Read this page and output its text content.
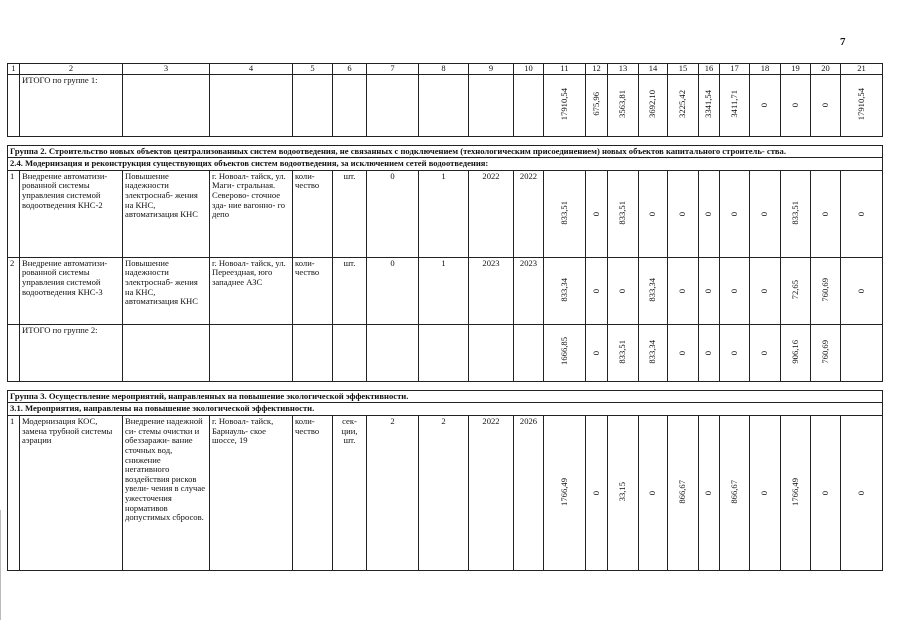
7
1	2	3	4	5	6	7	8	9	10	11	12	13	14	15	16	17	18	19	20	21
	ИТОГО по группе 1:									17910,54	675,96	3563,81	3692,10	3225,42	3341,54	3411,71	0	0	0	17910,54

Группа 2. Строительство новых объектов централизованных систем водоотведения, не связанных с подключением (технологическим присоединением) новых объектов капитального строитель- ства.																				
2.4. Модернизация и реконструкция существующих объектов систем водоотведения, за исключением сетей водоотведения:																				
1	Внедрение автоматизи- рованной системы управления системой водоотведения КНС-2	Повышение надежности электроснаб- жения на КНС, автоматизация КНС	г. Новоал- тайск, ул. Маги- стральная. Северово- сточное зда- ние вагонно- го депо	коли- чество	шт.	0	1	2022	2022	833,51	0	833,51	0	0	0	0	0	833,51	0	0
2	Внедрение автоматизи- рованной системы управления системой водоотведения КНС-3	Повышение надежности электроснаб- жения на КНС, автоматизация КНС	г. Новоал- тайск, ул. Переездная, юго западнее АЗС	коли- чество	шт.	0	1	2023	2023	833,34	0	0	833,34	0	0	0	0	72,65	760,69	0
	ИТОГО по группе 2:									1666,85	0	833,51	833,34	0	0	0	0	906,16	760,69	

Группа 3. Осуществление мероприятий, направленных на повышение экологической эффективности.																				
3.1. Мероприятия, направлены на повышение экологической эффективности.																				
1	Модернизация КОС, замена трубной системы аэрации	Внедрение надежной си- стемы очистки и обеззаражи- вание сточных вод, снижение негативного воздействия рисков увели- чения в случае ужесточения нормативов допустимых сбросов.	г. Новоал- тайск, Барнауль- ское шоссе, 19	коли- чество	сек- ции, шт.	2	2	2022	2026	1766,49	0	33,15	0	866,67	0	866,67	0	1766,49	0	0
